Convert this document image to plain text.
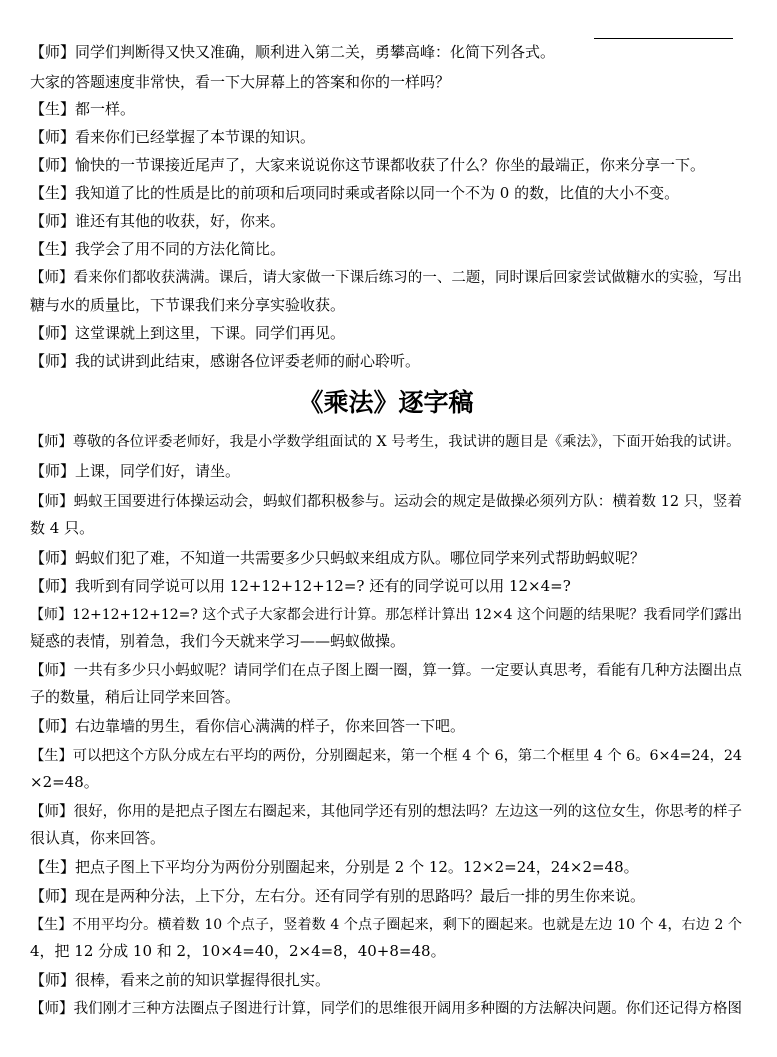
【师】同学们判断得又快又准确，顺利进入第二关，勇攀高峰：化简下列各式。
大家的答题速度非常快，看一下大屏幕上的答案和你的一样吗？
【生】都一样。
【师】看来你们已经掌握了本节课的知识。
【师】愉快的一节课接近尾声了，大家来说说你这节课都收获了什么？你坐的最端正，你来分享一下。
【生】我知道了比的性质是比的前项和后项同时乘或者除以同一个不为 0 的数，比值的大小不变。
【师】谁还有其他的收获，好，你来。
【生】我学会了用不同的方法化简比。
【师】看来你们都收获满满。课后，请大家做一下课后练习的一、二题，同时课后回家尝试做糖水的实验，写出
糖与水的质量比，下节课我们来分享实验收获。
【师】这堂课就上到这里，下课。同学们再见。
【师】我的试讲到此结束，感谢各位评委老师的耐心聆听。
《乘法》逐字稿
【师】尊敬的各位评委老师好，我是小学数学组面试的 X 号考生，我试讲的题目是《乘法》，下面开始我的试讲。
【师】上课，同学们好，请坐。
【师】蚂蚁王国要进行体操运动会，蚂蚁们都积极参与。运动会的规定是做操必须列方队：横着数 12 只，竖着
数 4 只。
【师】蚂蚁们犯了难，不知道一共需要多少只蚂蚁来组成方队。哪位同学来列式帮助蚂蚁呢？
【师】我听到有同学说可以用 12+12+12+12=? 还有的同学说可以用 12×4=?
【师】12+12+12+12=? 这个式子大家都会进行计算。那怎样计算出 12×4 这个问题的结果呢？我看同学们露出
疑惑的表情，别着急，我们今天就来学习——蚂蚁做操。
【师】一共有多少只小蚂蚁呢？请同学们在点子图上圈一圈，算一算。一定要认真思考，看能有几种方法圈出点
子的数量，稍后让同学来回答。
【师】右边靠墙的男生，看你信心满满的样子，你来回答一下吧。
【生】可以把这个方队分成左右平均的两份，分别圈起来，第一个框 4 个 6，第二个框里 4 个 6。6×4=24，24
×2=48。
【师】很好，你用的是把点子图左右圈起来，其他同学还有别的想法吗？左边这一列的这位女生，你思考的样子
很认真，你来回答。
【生】把点子图上下平均分为两份分别圈起来，分别是 2 个 12。12×2=24，24×2=48。
【师】现在是两种分法，上下分，左右分。还有同学有别的思路吗？最后一排的男生你来说。
【生】不用平均分。横着数 10 个点子，竖着数 4 个点子圈起来，剩下的圈起来。也就是左边 10 个 4，右边 2 个
4，把 12 分成 10 和 2，10×4=40，2×4=8，40+8=48。
【师】很棒，看来之前的知识掌握得很扎实。
【师】我们刚才三种方法圈点子图进行计算，同学们的思维很开阔用多种圈的方法解决问题。你们还记得方格图
